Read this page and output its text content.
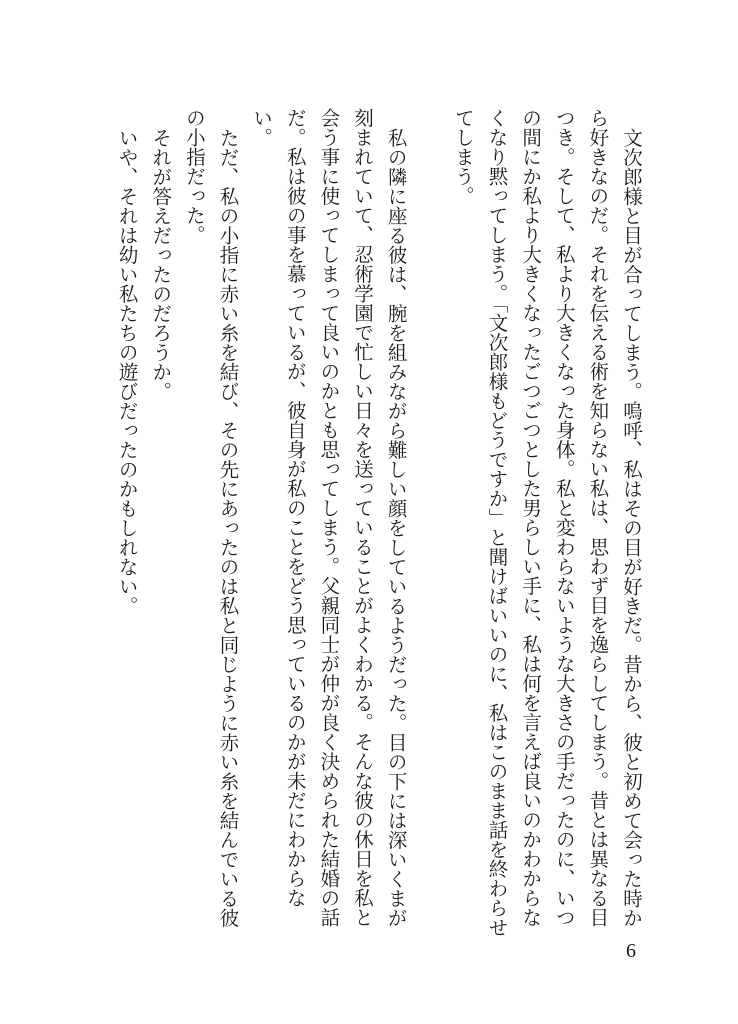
文次郎様と目が合ってしまう。嗚呼、私はその目が好きだ。昔から、彼と初めて会った時から好きなのだ。それを伝える術を知らない私は、思わず目を逸らしてしまう。昔とは異なる目つき。そして、私より大きくなった身体。私と変わらないような大きさの手だったのに、いつの間にか私より大きくなったごつごつとした男らしい手に、私は何を言えば良いのかわからなくなり黙ってしまう。「文次郎様もどうですか」と聞けばいいのに、私はこのまま話を終わらせてしまう。

私の隣に座る彼は、腕を組みながら難しい顔をしているようだった。目の下には深いくまが刻まれていて、忍術学園で忙しい日々を送っていることがよくわかる。そんな彼の休日を私と会う事に使ってしまって良いのかとも思ってしまう。父親同士が仲が良く決められた結婚の話だ。私は彼の事を慕っているが、彼自身が私のことをどう思っているのかが未だにわからない。

ただ、私の小指に赤い糸を結び、その先にあったのは私と同じように赤い糸を結んでいる彼の小指だった。

それが答えだったのだろうか。

いや、それは幼い私たちの遊びだったのかもしれない。

6
